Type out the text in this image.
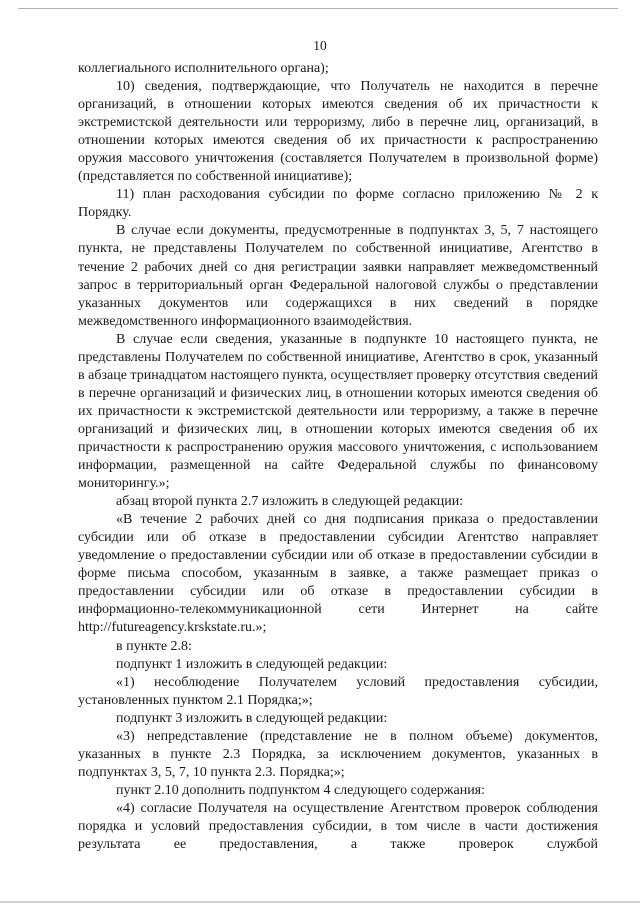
10

коллегиального исполнительного органа);

10) сведения, подтверждающие, что Получатель не находится в перечне организаций, в отношении которых имеются сведения об их причастности к экстремистской деятельности или терроризму, либо в перечне лиц, организаций, в отношении которых имеются сведения об их причастности к распространению оружия массового уничтожения (составляется Получателем в произвольной форме) (представляется по собственной инициативе);

11) план расходования субсидии по форме согласно приложению № 2 к Порядку.

В случае если документы, предусмотренные в подпунктах 3, 5, 7 настоящего пункта, не представлены Получателем по собственной инициативе, Агентство в течение 2 рабочих дней со дня регистрации заявки направляет межведомственный запрос в территориальный орган Федеральной налоговой службы о представлении указанных документов или содержащихся в них сведений в порядке межведомственного информационного взаимодействия.

В случае если сведения, указанные в подпункте 10 настоящего пункта, не представлены Получателем по собственной инициативе, Агентство в срок, указанный в абзаце тринадцатом настоящего пункта, осуществляет проверку отсутствия сведений в перечне организаций и физических лиц, в отношении которых имеются сведения об их причастности к экстремистской деятельности или терроризму, а также в перечне организаций и физических лиц, в отношении которых имеются сведения об их причастности к распространению оружия массового уничтожения, с использованием информации, размещенной на сайте Федеральной службы по финансовому мониторингу.»;

абзац второй пункта 2.7 изложить в следующей редакции:

«В течение 2 рабочих дней со дня подписания приказа о предоставлении субсидии или об отказе в предоставлении субсидии Агентство направляет уведомление о предоставлении субсидии или об отказе в предоставлении субсидии в форме письма способом, указанным в заявке, а также размещает приказ о предоставлении субсидии или об отказе в предоставлении субсидии в информационно-телекоммуникационной сети Интернет на сайте http://futureagency.krskstate.ru.»;

в пункте 2.8:

подпункт 1 изложить в следующей редакции:

«1) несоблюдение Получателем условий предоставления субсидии, установленных пунктом 2.1 Порядка;»;

подпункт 3 изложить в следующей редакции:

«3) непредставление (представление не в полном объеме) документов, указанных в пункте 2.3 Порядка, за исключением документов, указанных в подпунктах 3, 5, 7, 10 пункта 2.3. Порядка;»;

пункт 2.10 дополнить подпунктом 4 следующего содержания:

«4) согласие Получателя на осуществление Агентством проверок соблюдения порядка и условий предоставления субсидии, в том числе в части достижения результата ее предоставления, а также проверок службой
